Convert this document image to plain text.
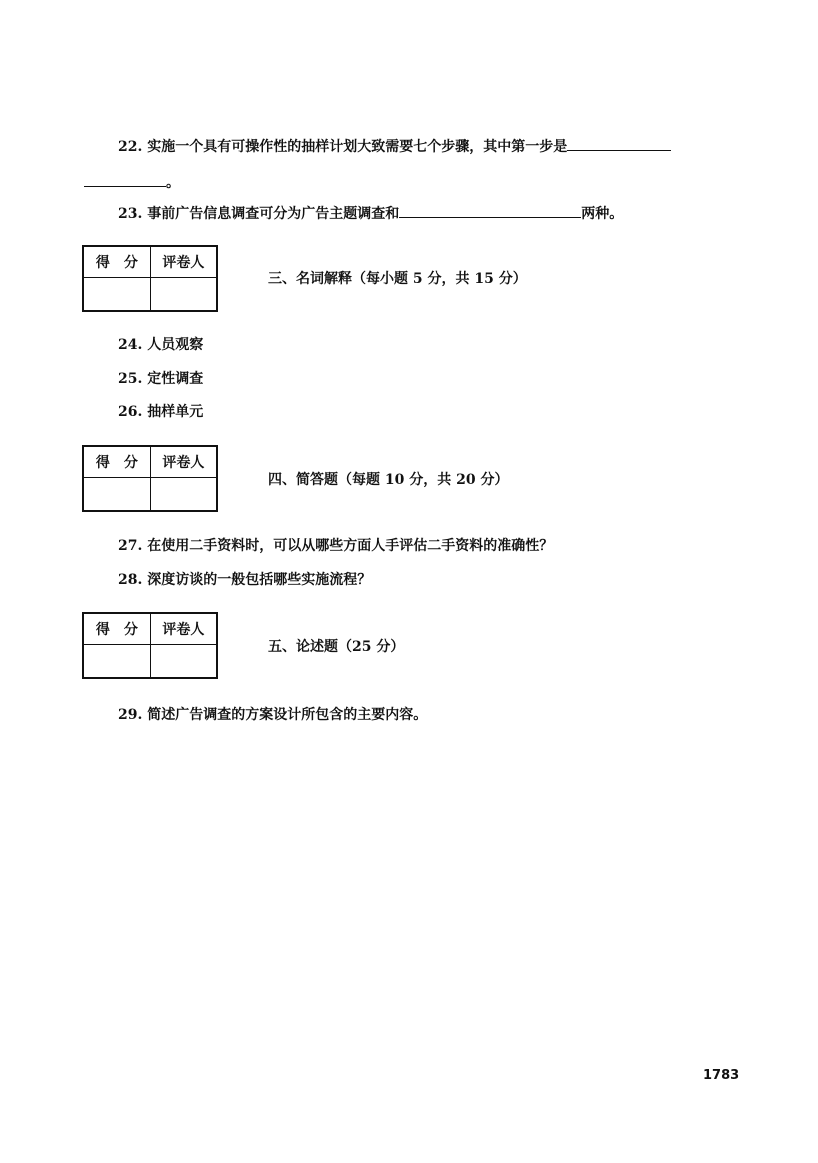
22. 实施一个具有可操作性的抽样计划大致需要七个步骤，其中第一步是
。
23. 事前广告信息调查可分为广告主题调查和	两种。
得　分	评卷人

三、名词解释（每小题 5 分，共 15 分）
24. 人员观察
25. 定性调查
26. 抽样单元
得　分	评卷人

四、简答题（每题 10 分，共 20 分）
27. 在使用二手资料时，可以从哪些方面人手评估二手资料的准确性？
28. 深度访谈的一般包括哪些实施流程？
得　分	评卷人

五、论述题（25 分）
29. 简述广告调查的方案设计所包含的主要内容。
1783
